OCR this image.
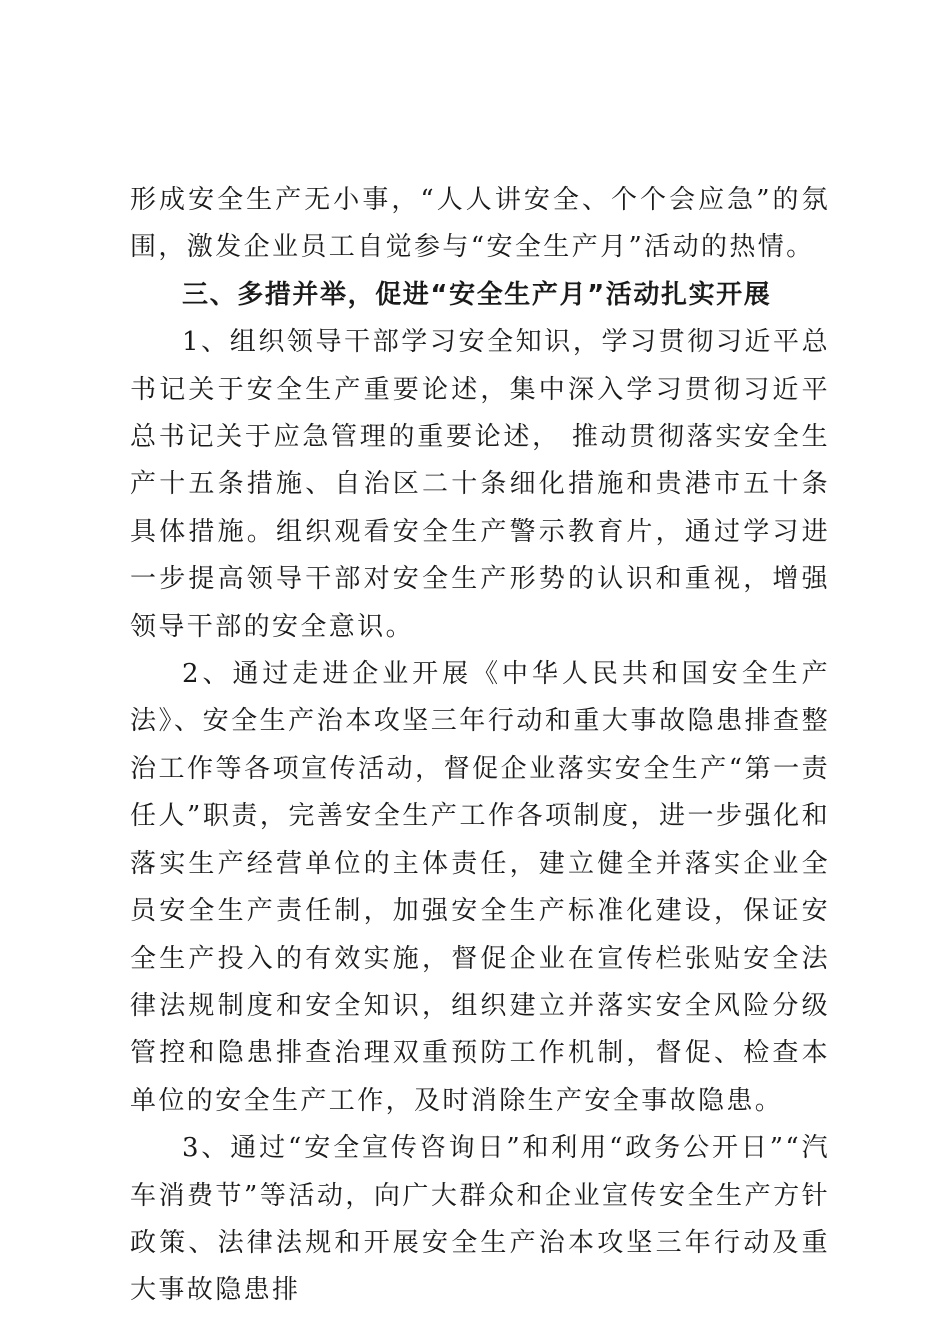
形成安全生产无小事，“人人讲安全、个个会应急”的氛围，激发企业员工自觉参与“安全生产月”活动的热情。

三、多措并举，促进“安全生产月”活动扎实开展

1、组织领导干部学习安全知识，学习贯彻习近平总书记关于安全生产重要论述，集中深入学习贯彻习近平总书记关于应急管理的重要论述， 推动贯彻落实安全生产十五条措施、自治区二十条细化措施和贵港市五十条具体措施。组织观看安全生产警示教育片，通过学习进一步提高领导干部对安全生产形势的认识和重视，增强领导干部的安全意识。

2、通过走进企业开展《中华人民共和国安全生产法》、安全生产治本攻坚三年行动和重大事故隐患排查整治工作等各项宣传活动，督促企业落实安全生产“第一责任人”职责，完善安全生产工作各项制度，进一步强化和落实生产经营单位的主体责任，建立健全并落实企业全员安全生产责任制，加强安全生产标准化建设，保证安全生产投入的有效实施，督促企业在宣传栏张贴安全法律法规制度和安全知识，组织建立并落实安全风险分级管控和隐患排查治理双重预防工作机制，督促、检查本单位的安全生产工作，及时消除生产安全事故隐患。

3、通过“安全宣传咨询日”和利用“政务公开日”“汽车消费节”等活动，向广大群众和企业宣传安全生产方针政策、法律法规和开展安全生产治本攻坚三年行动及重大事故隐患排
